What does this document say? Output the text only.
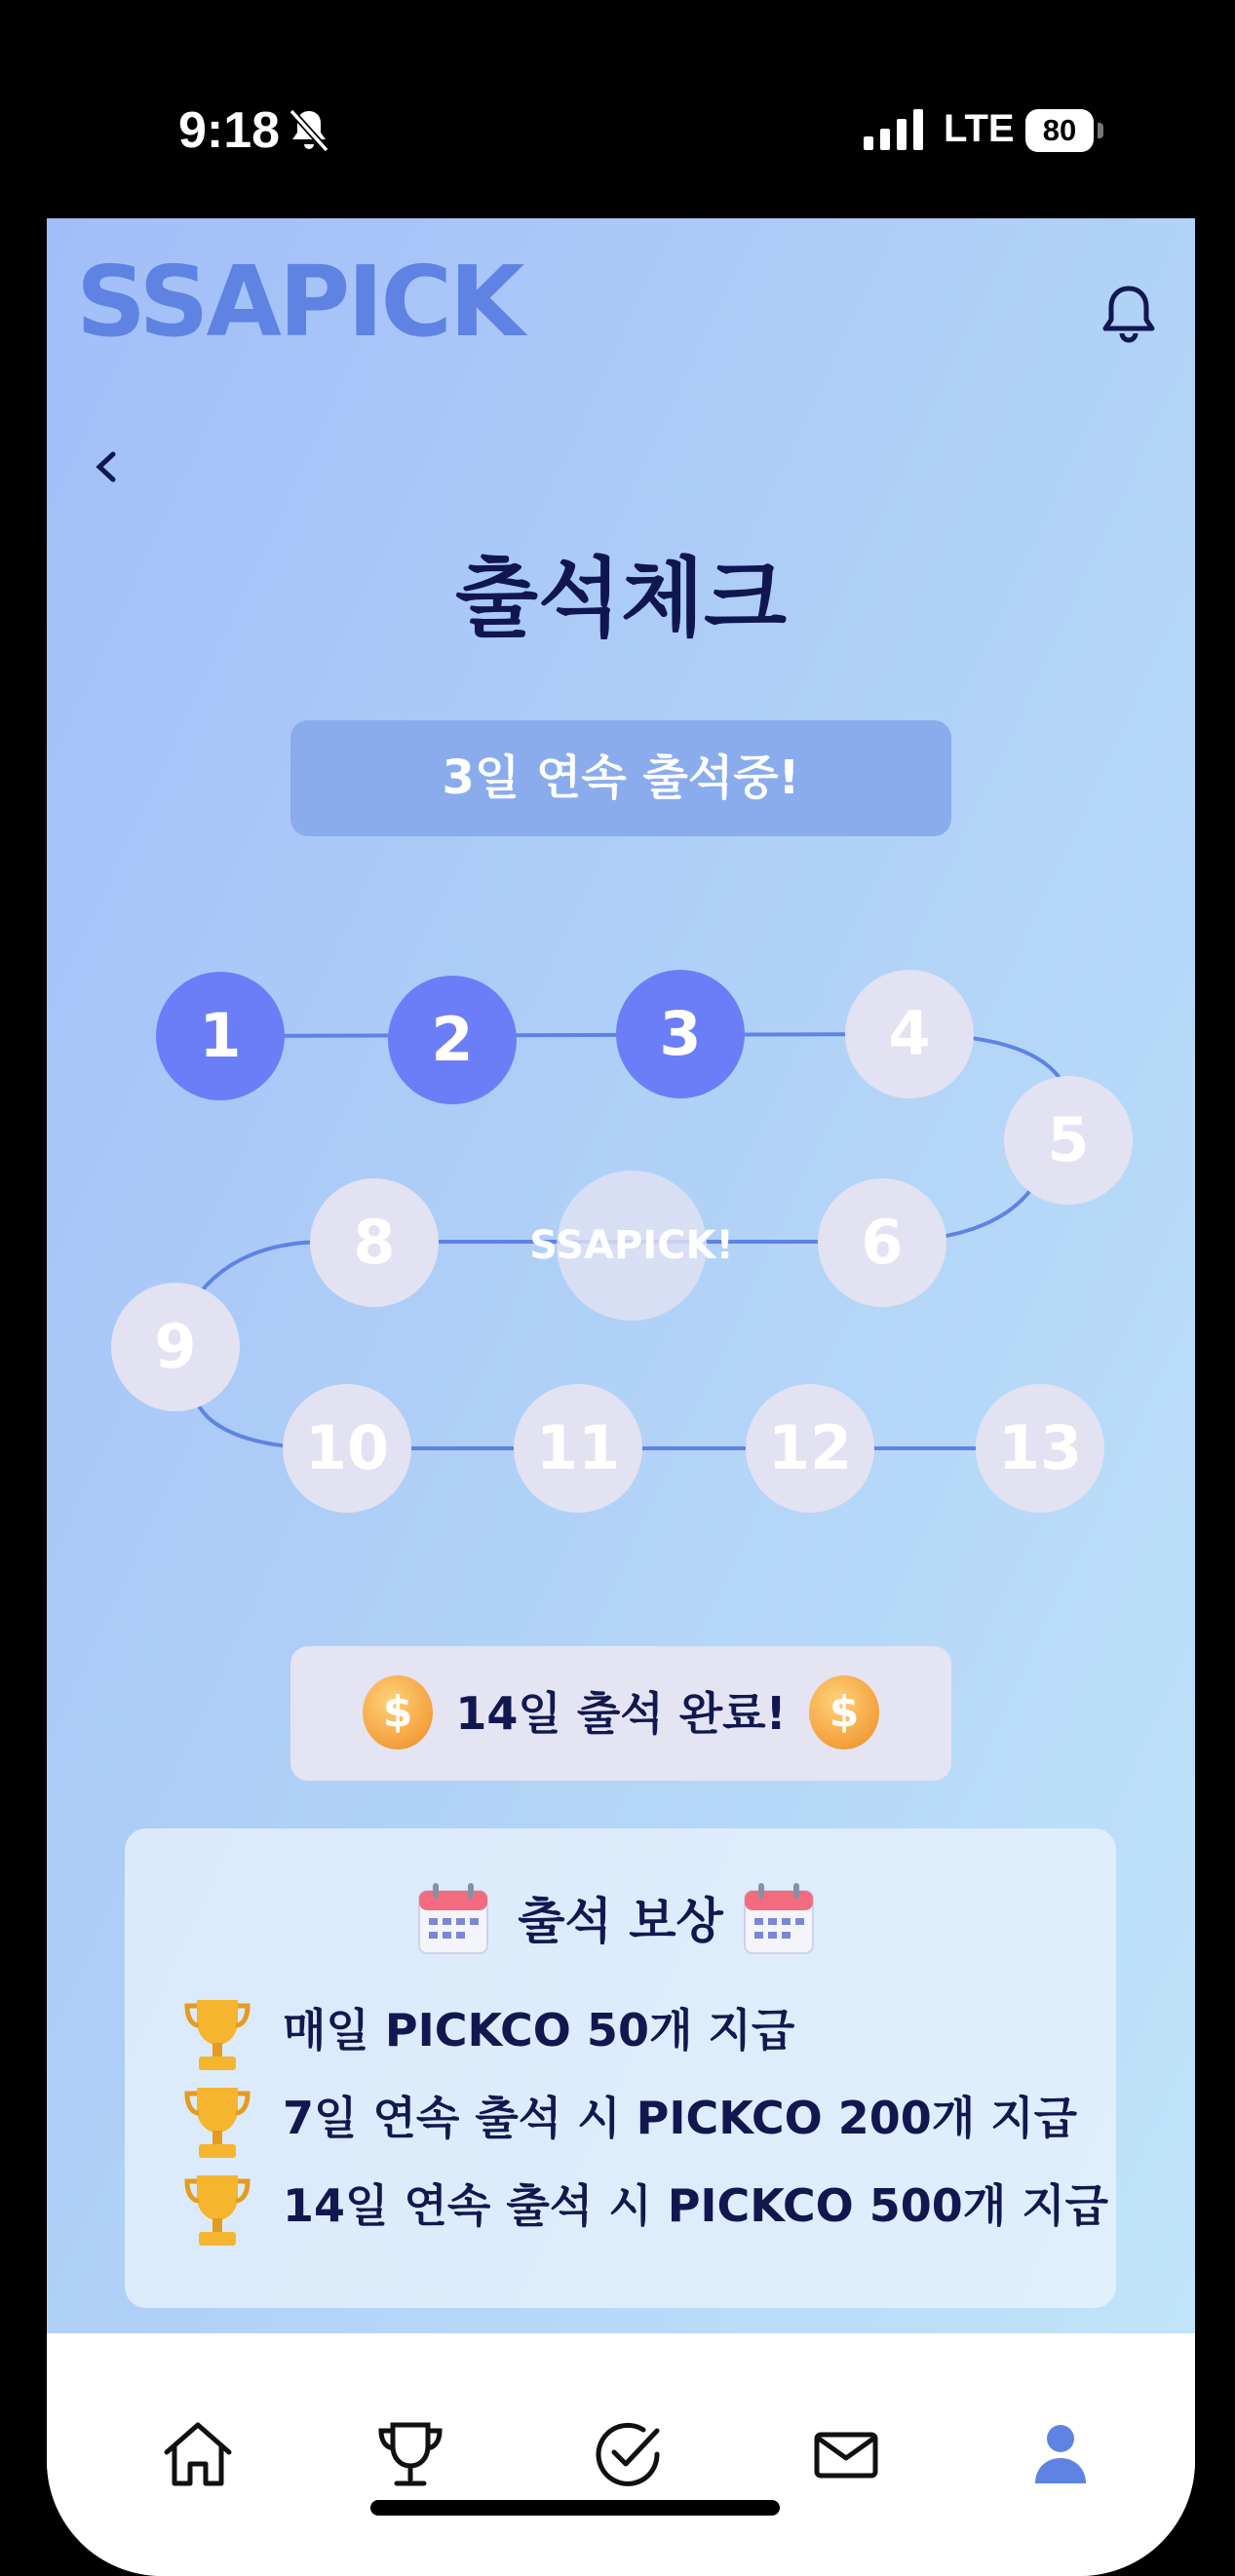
9:18	LTE 80
SSAPICK
출석체크
3일 연속 출석중!
1	2	3	4
5
6
SSAPICK!
8
9
10	11	12	13
$ 14일 출석 완료!	$
출석 보상
매일 PICKCO 50개 지급
7일 연속 출석 시 PICKCO 200개 지급
14일 연속 출석 시 PICKCO 500개 지급
